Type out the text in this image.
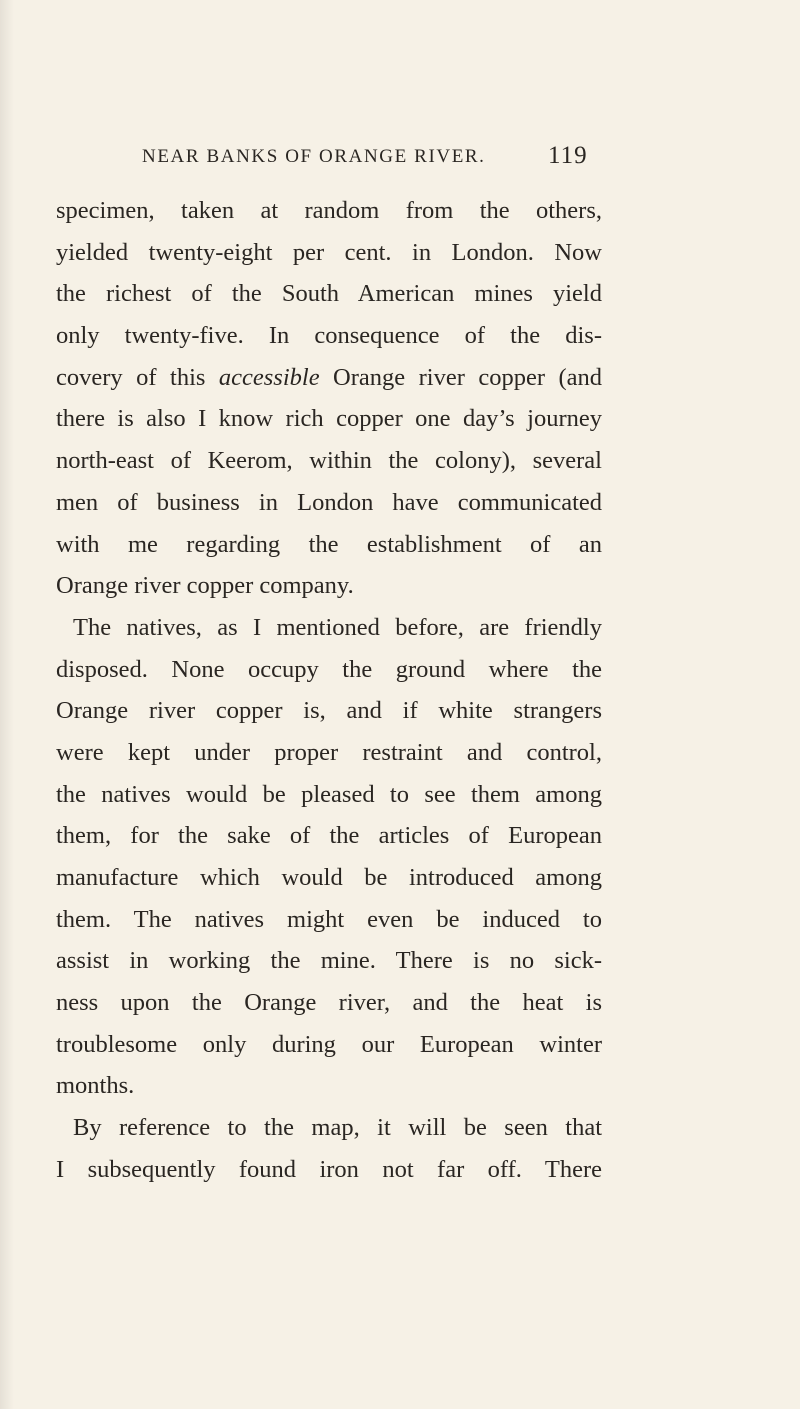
NEAR BANKS OF ORANGE RIVER. 119
specimen, taken at random from the others,
yielded twenty-eight per cent. in London. Now
the richest of the South American mines yield
only twenty-five. In consequence of the dis-
covery of this accessible Orange river copper (and
there is also I know rich copper one day’s journey
north-east of Keerom, within the colony), several
men of business in London have communicated
with me regarding the establishment of an
Orange river copper company.
The natives, as I mentioned before, are friendly
disposed. None occupy the ground where the
Orange river copper is, and if white strangers
were kept under proper restraint and control,
the natives would be pleased to see them among
them, for the sake of the articles of European
manufacture which would be introduced among
them. The natives might even be induced to
assist in working the mine. There is no sick-
ness upon the Orange river, and the heat is
troublesome only during our European winter
months.
By reference to the map, it will be seen that
I subsequently found iron not far off. There
